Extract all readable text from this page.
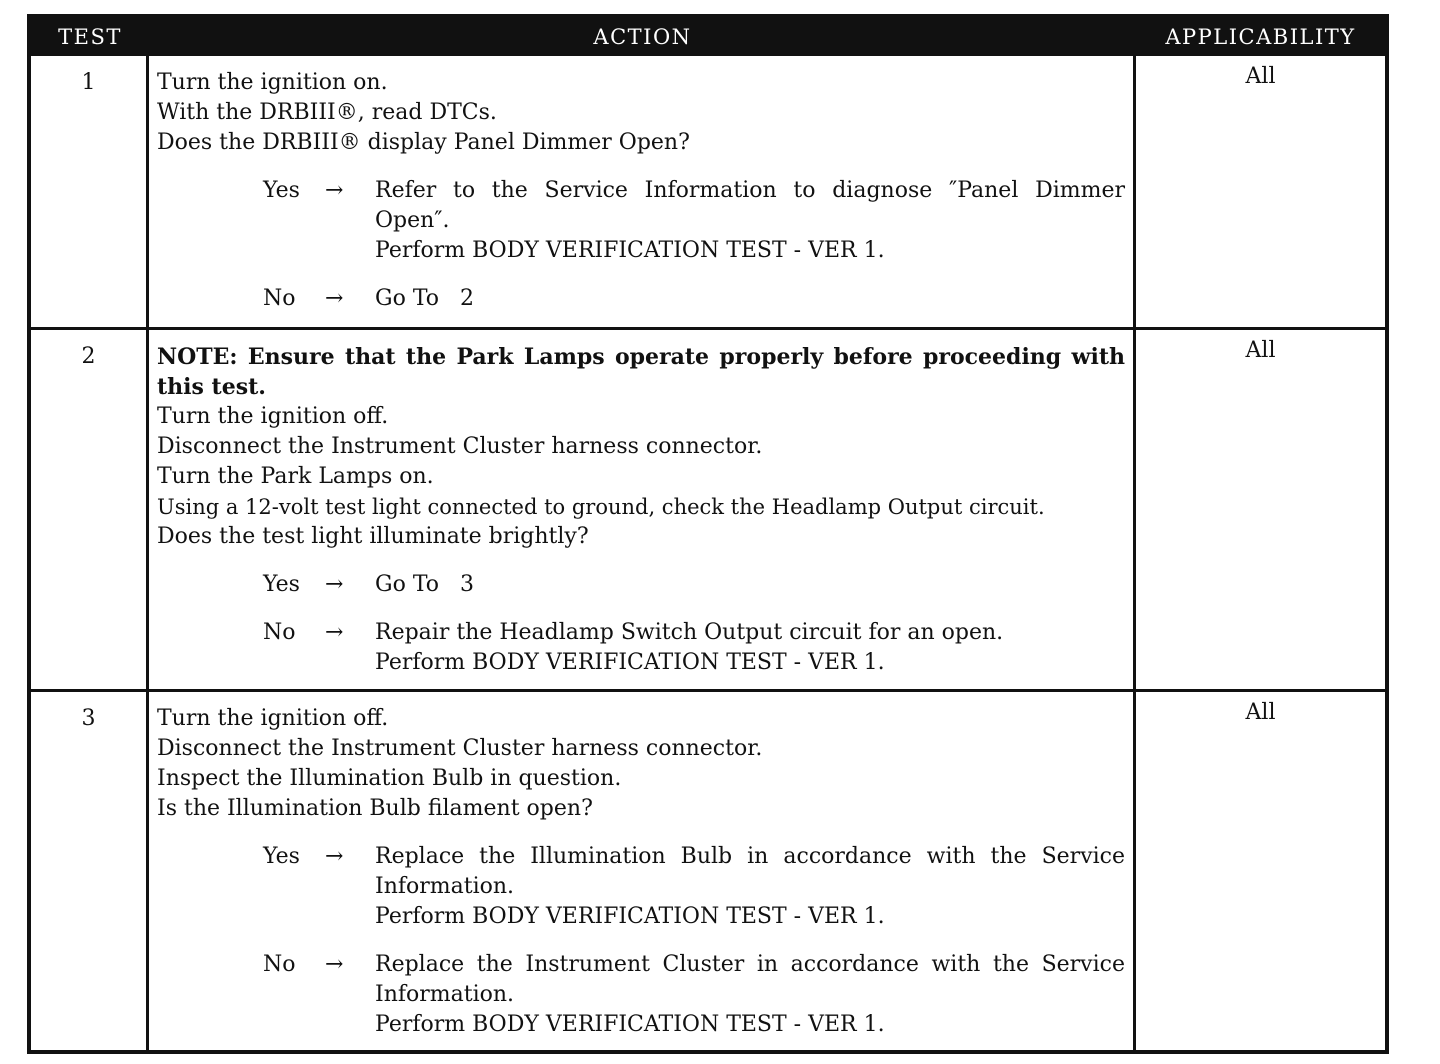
TEST	ACTION	APPLICABILITY
1	Turn the ignition on.
With the DRBIII®, read DTCs.
Does the DRBIII® display Panel Dimmer Open?
Yes	→	Refer to the Service Information to diagnose ″Panel Dimmer Open″.
Perform BODY VERIFICATION TEST - VER 1.
No	→	Go To   2
All
2	NOTE: Ensure that the Park Lamps operate properly before proceeding with this test.
Turn the ignition off.
Disconnect the Instrument Cluster harness connector.
Turn the Park Lamps on.
Using a 12-volt test light connected to ground, check the Headlamp Output circuit.
Does the test light illuminate brightly?
Yes	→	Go To   3
No	→	Repair the Headlamp Switch Output circuit for an open.
Perform BODY VERIFICATION TEST - VER 1.
All
3	Turn the ignition off.
Disconnect the Instrument Cluster harness connector.
Inspect the Illumination Bulb in question.
Is the Illumination Bulb filament open?
Yes	→	Replace the Illumination Bulb in accordance with the Service Information.
Perform BODY VERIFICATION TEST - VER 1.
No	→	Replace the Instrument Cluster in accordance with the Service Information.
Perform BODY VERIFICATION TEST - VER 1.
All
